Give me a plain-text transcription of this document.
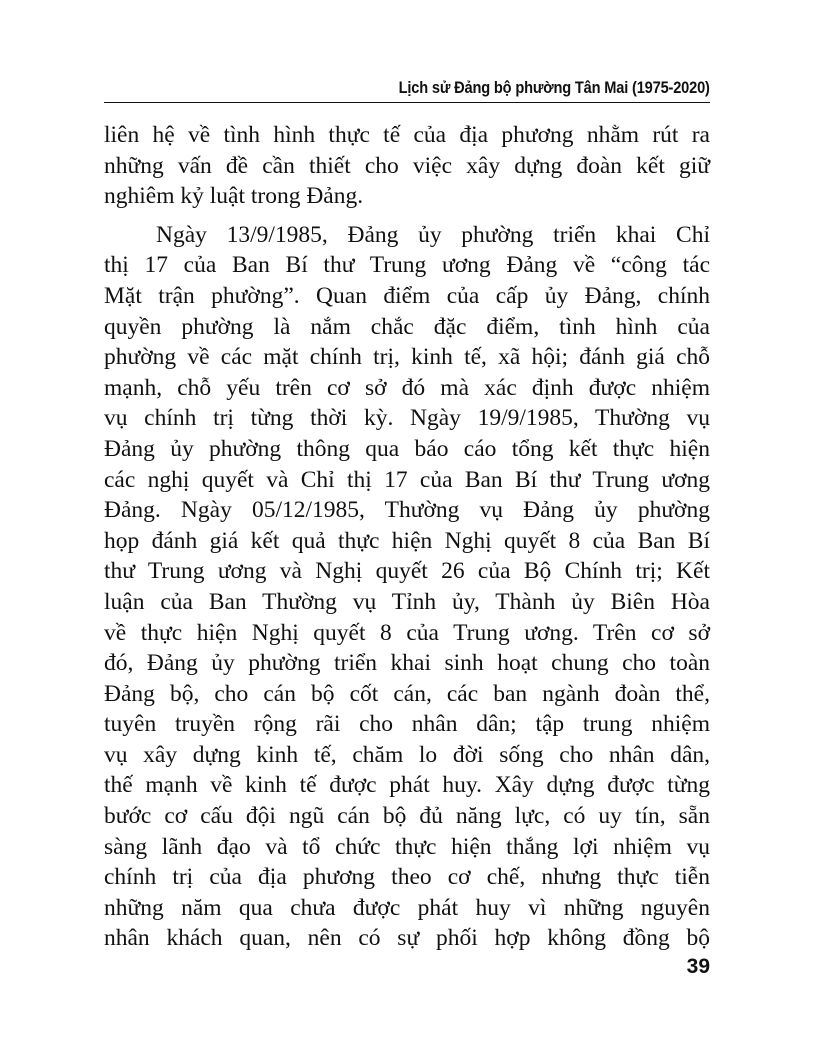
Lịch sử Đảng bộ phường Tân Mai (1975-2020)
liên hệ về tình hình thực tế của địa phương nhằm rút ra
những vấn đề cần thiết cho việc xây dựng đoàn kết giữ
nghiêm kỷ luật trong Đảng.
Ngày 13/9/1985, Đảng ủy phường triển khai Chỉ
thị 17 của Ban Bí thư Trung ương Đảng về “công tác
Mặt trận phường”. Quan điểm của cấp ủy Đảng, chính
quyền phường là nắm chắc đặc điểm, tình hình của
phường về các mặt chính trị, kinh tế, xã hội; đánh giá chỗ
mạnh, chỗ yếu trên cơ sở đó mà xác định được nhiệm
vụ chính trị từng thời kỳ. Ngày 19/9/1985, Thường vụ
Đảng ủy phường thông qua báo cáo tổng kết thực hiện
các nghị quyết và Chỉ thị 17 của Ban Bí thư Trung ương
Đảng. Ngày 05/12/1985, Thường vụ Đảng ủy phường
họp đánh giá kết quả thực hiện Nghị quyết 8 của Ban Bí
thư Trung ương và Nghị quyết 26 của Bộ Chính trị; Kết
luận của Ban Thường vụ Tỉnh ủy, Thành ủy Biên Hòa
về thực hiện Nghị quyết 8 của Trung ương. Trên cơ sở
đó, Đảng ủy phường triển khai sinh hoạt chung cho toàn
Đảng bộ, cho cán bộ cốt cán, các ban ngành đoàn thể,
tuyên truyền rộng rãi cho nhân dân; tập trung nhiệm
vụ xây dựng kinh tế, chăm lo đời sống cho nhân dân,
thế mạnh về kinh tế được phát huy. Xây dựng được từng
bước cơ cấu đội ngũ cán bộ đủ năng lực, có uy tín, sẵn
sàng lãnh đạo và tổ chức thực hiện thắng lợi nhiệm vụ
chính trị của địa phương theo cơ chế, nhưng thực tiễn
những năm qua chưa được phát huy vì những nguyên
nhân khách quan, nên có sự phối hợp không đồng bộ
39
